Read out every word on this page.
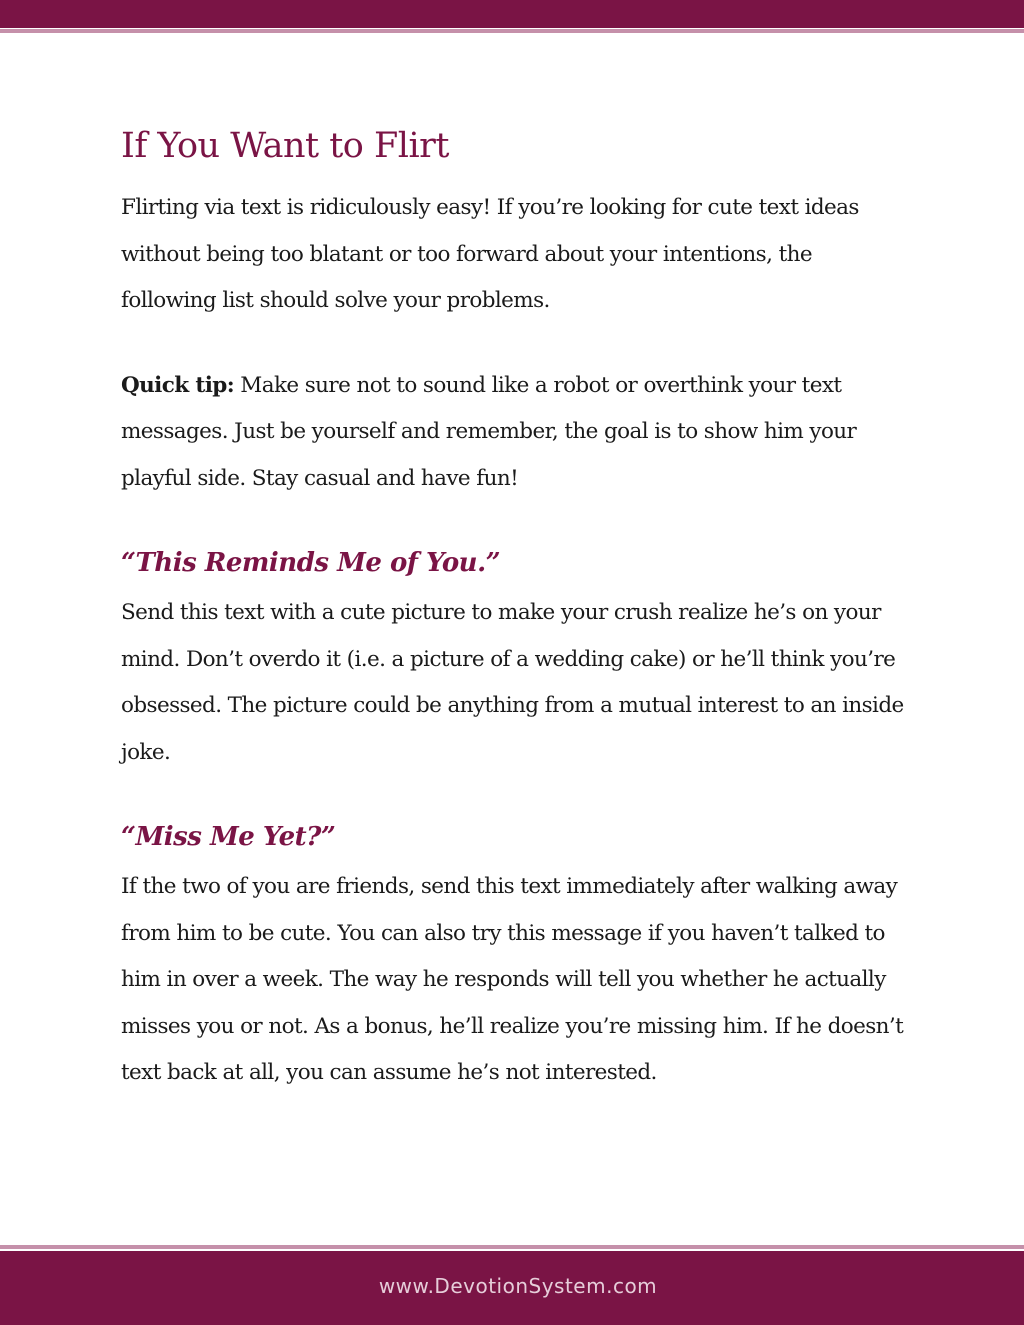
If You Want to Flirt

Flirting via text is ridiculously easy! If you’re looking for cute text ideas without being too blatant or too forward about your intentions, the following list should solve your problems.

Quick tip: Make sure not to sound like a robot or overthink your text messages. Just be yourself and remember, the goal is to show him your playful side. Stay casual and have fun!

“This Reminds Me of You.”

Send this text with a cute picture to make your crush realize he’s on your mind. Don’t overdo it (i.e. a picture of a wedding cake) or he’ll think you’re obsessed. The picture could be anything from a mutual interest to an inside joke.

“Miss Me Yet?”

If the two of you are friends, send this text immediately after walking away from him to be cute. You can also try this message if you haven’t talked to him in over a week. The way he responds will tell you whether he actually misses you or not. As a bonus, he’ll realize you’re missing him. If he doesn’t text back at all, you can assume he’s not interested.

www.DevotionSystem.com
